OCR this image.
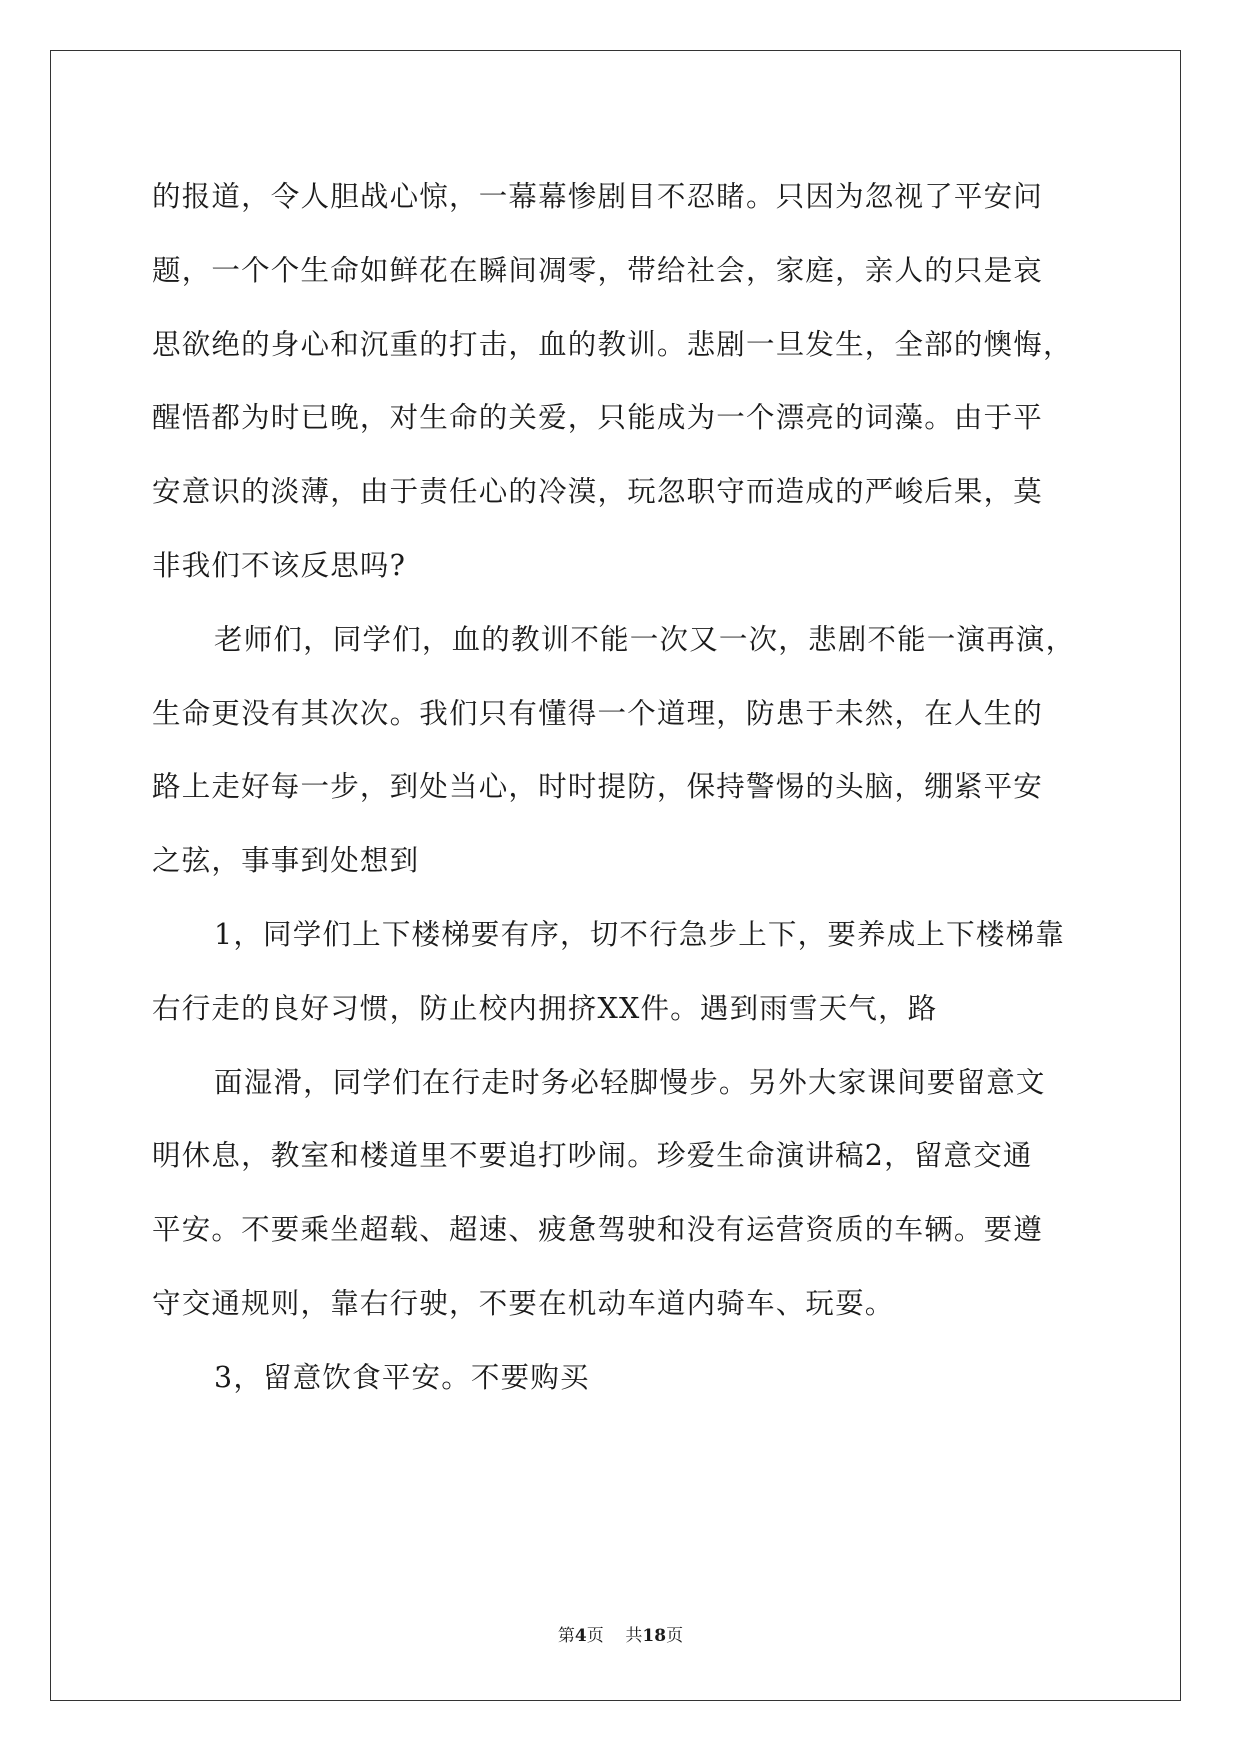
的报道，令人胆战心惊，一幕幕惨剧目不忍睹。只因为忽视了平安问

题，一个个生命如鲜花在瞬间凋零，带给社会，家庭，亲人的只是哀

思欲绝的身心和沉重的打击，血的教训。悲剧一旦发生，全部的懊悔，

醒悟都为时已晚，对生命的关爱，只能成为一个漂亮的词藻。由于平

安意识的淡薄，由于责任心的冷漠，玩忽职守而造成的严峻后果，莫

非我们不该反思吗?

老师们，同学们，血的教训不能一次又一次，悲剧不能一演再演，

生命更没有其次次。我们只有懂得一个道理，防患于未然，在人生的

路上走好每一步，到处当心，时时提防，保持警惕的头脑，绷紧平安

之弦，事事到处想到

1，同学们上下楼梯要有序，切不行急步上下，要养成上下楼梯靠

右行走的良好习惯，防止校内拥挤XX件。遇到雨雪天气，路

面湿滑，同学们在行走时务必轻脚慢步。另外大家课间要留意文

明休息，教室和楼道里不要追打吵闹。珍爱生命演讲稿2，留意交通

平安。不要乘坐超载、超速、疲惫驾驶和没有运营资质的车辆。要遵

守交通规则，靠右行驶，不要在机动车道内骑车、玩耍。

3，留意饮食平安。不要购买

第4页 共18页
